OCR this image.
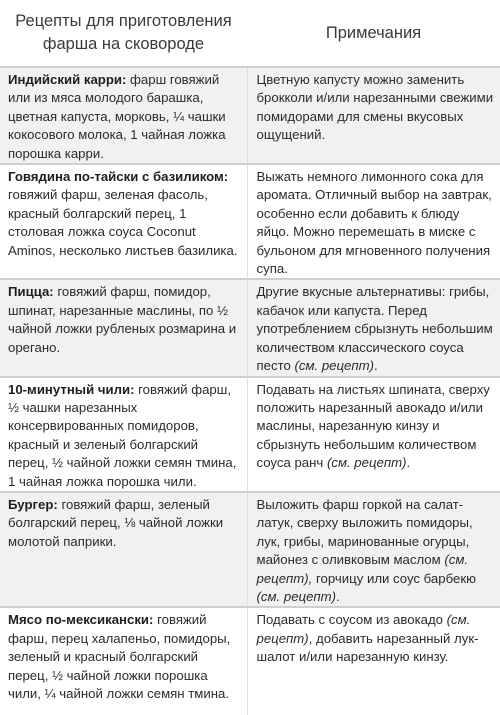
Рецепты для приготовления фарша на сковороде	Примечания
Индийский карри: фарш говяжий или из мяса молодого барашка, цветная капуста, морковь, ¼ чашки кокосового молока, 1 чайная ложка порошка карри.	Цветную капусту можно заменить брокколи и/или нарезанными свежими помидорами для смены вкусовых ощущений.
Говядина по-тайски с базиликом: говяжий фарш, зеленая фасоль, красный болгарский перец, 1 столовая ложка соуса Coconut Aminos, несколько листьев базилика.	Выжать немного лимонного сока для аромата. Отличный выбор на завтрак, особенно если добавить к блюду яйцо. Можно перемешать в миске с бульоном для мгновенного получения супа.
Пицца: говяжий фарш, помидор, шпинат, нарезанные маслины, по ½ чайной ложки рубленых розмарина и орегано.	Другие вкусные альтернативы: грибы, кабачок или капуста. Перед употреблением сбрызнуть небольшим количеством классического соуса песто (см. рецепт).
10-минутный чили: говяжий фарш, ½ чашки нарезанных консервированных помидоров, красный и зеленый болгарский перец, ½ чайной ложки семян тмина, 1 чайная ложка порошка чили.	Подавать на листьях шпината, сверху положить нарезанный авокадо и/или маслины, нарезанную кинзу и сбрызнуть небольшим количеством соуса ранч (см. рецепт).
Бургер: говяжий фарш, зеленый болгарский перец, ⅛ чайной ложки молотой паприки.	Выложить фарш горкой на салат-латук, сверху выложить помидоры, лук, грибы, маринованные огурцы, майонез с оливковым маслом (см. рецепт), горчицу или соус барбекю (см. рецепт).
Мясо по-мексикански: говяжий фарш, перец халапеньо, помидоры, зеленый и красный болгарский перец, ½ чайной ложки порошка чили, ¼ чайной ложки семян тмина.	Подавать с соусом из авокадо (см. рецепт), добавить нарезанный лук-шалот и/или нарезанную кинзу.
